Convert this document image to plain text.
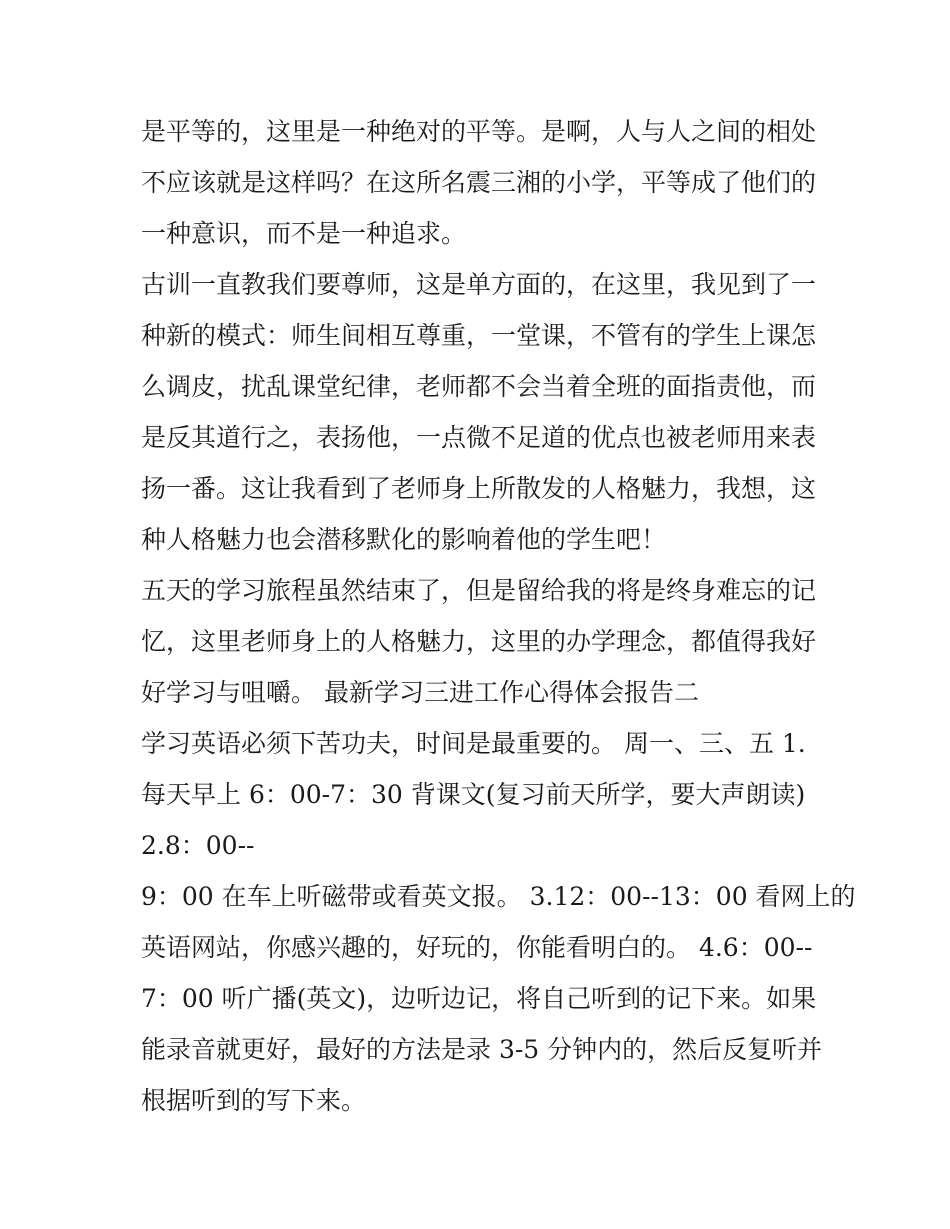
是平等的，这里是一种绝对的平等。是啊，人与人之间的相处
不应该就是这样吗？在这所名震三湘的小学，平等成了他们的
一种意识，而不是一种追求。
古训一直教我们要尊师，这是单方面的，在这里，我见到了一
种新的模式：师生间相互尊重，一堂课，不管有的学生上课怎
么调皮，扰乱课堂纪律，老师都不会当着全班的面指责他，而
是反其道行之，表扬他，一点微不足道的优点也被老师用来表
扬一番。这让我看到了老师身上所散发的人格魅力，我想，这
种人格魅力也会潜移默化的影响着他的学生吧！
五天的学习旅程虽然结束了，但是留给我的将是终身难忘的记
忆，这里老师身上的人格魅力，这里的办学理念，都值得我好
好学习与咀嚼。 最新学习三进工作心得体会报告二
学习英语必须下苦功夫，时间是最重要的。 周一、三、五 1.
每天早上 6：00-7：30 背课文(复习前天所学，要大声朗读)
2.8：00--
9：00 在车上听磁带或看英文报。 3.12：00--13：00 看网上的
英语网站，你感兴趣的，好玩的，你能看明白的。 4.6：00--
7：00 听广播(英文)，边听边记，将自己听到的记下来。如果
能录音就更好，最好的方法是录 3-5 分钟内的，然后反复听并
根据听到的写下来。
